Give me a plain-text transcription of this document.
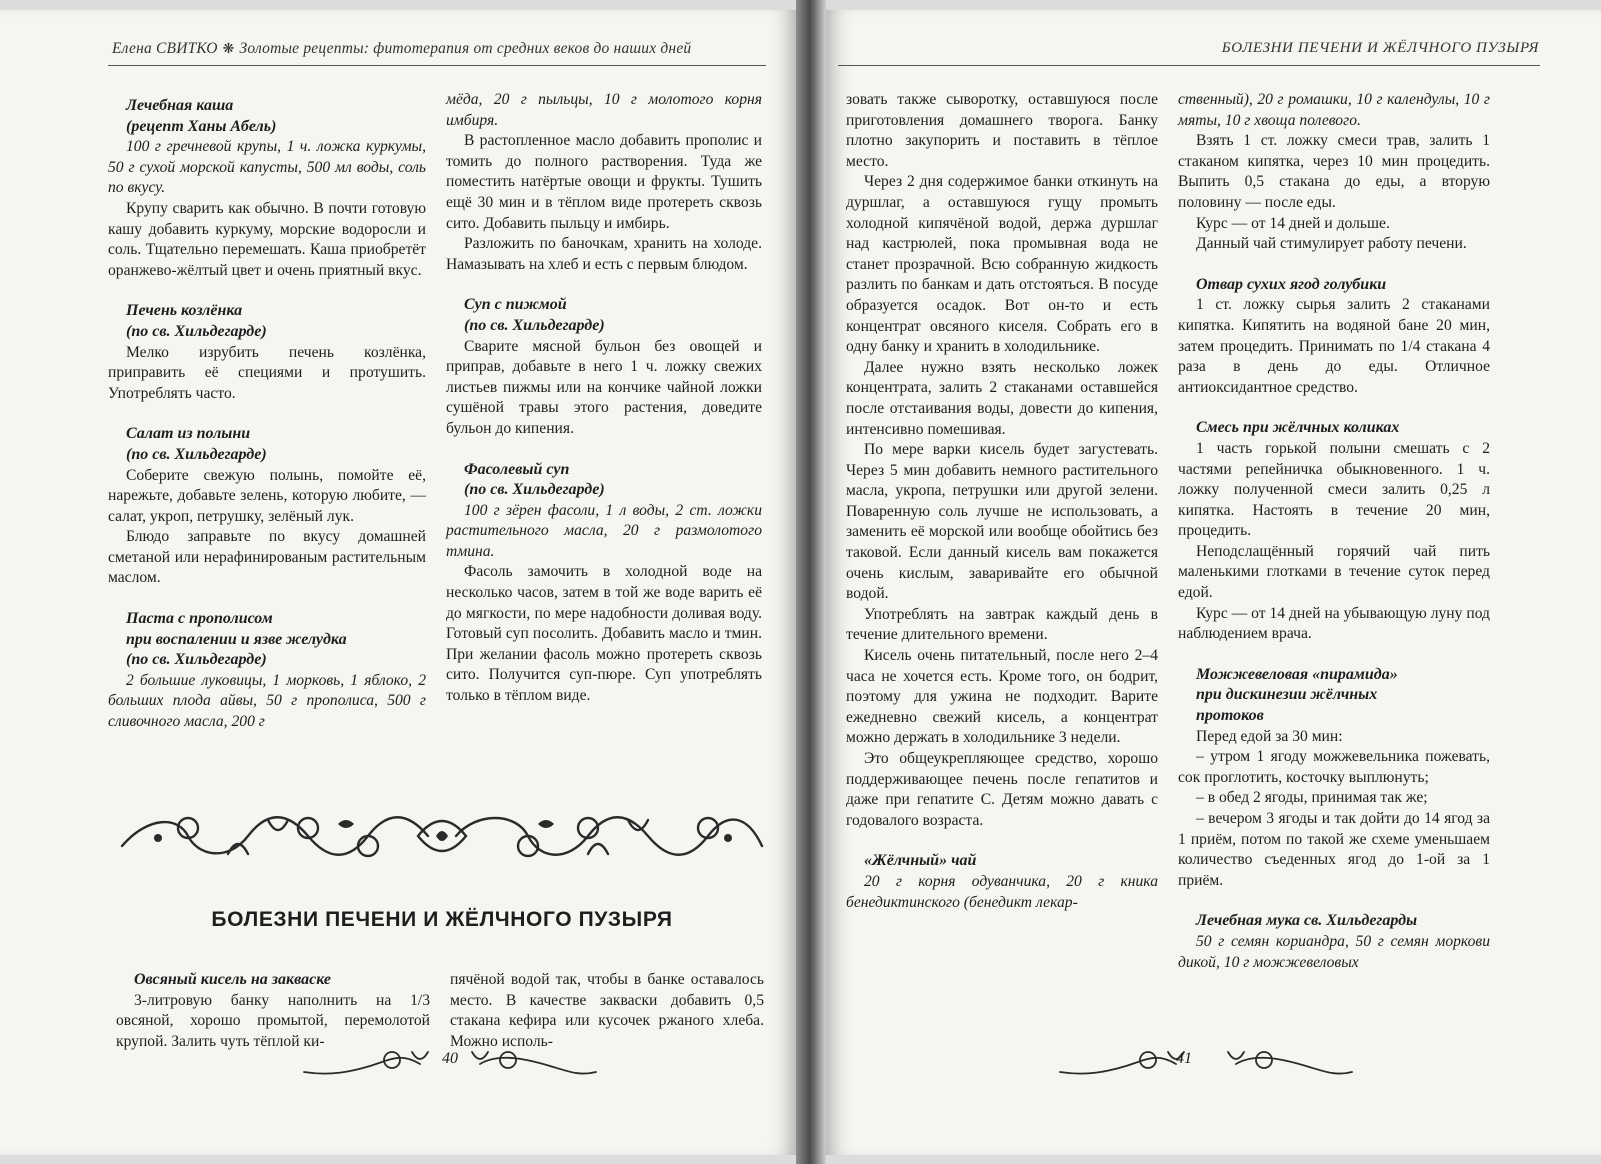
Елена СВИТКО ❋ Золотые рецепты: фитотерапия от средних веков до наших дней
Лечебная каша
(рецепт Ханы Абель)

100 г гречневой крупы, 1 ч. ложка куркумы, 50 г сухой морской капусты, 500 мл воды, соль по вкусу.

Крупу сварить как обычно. В почти готовую кашу добавить куркуму, морские водоросли и соль. Тщательно перемешать. Каша приобретёт оранжево-жёлтый цвет и очень приятный вкус.

Печень козлёнка
(по св. Хильдегарде)

Мелко изрубить печень козлёнка, приправить её специями и протушить. Употреблять часто.

Салат из полыни
(по св. Хильдегарде)

Соберите свежую полынь, помойте её, нарежьте, добавьте зелень, которую любите, — салат, укроп, петрушку, зелёный лук.

Блюдо заправьте по вкусу домашней сметаной или нерафинированым растительным маслом.

Паста с прополисом
при воспалении и язве желудка
(по св. Хильдегарде)

2 большие луковицы, 1 морковь, 1 яблоко, 2 больших плода айвы, 50 г прополиса, 500 г сливочного масла, 200 г

мёда, 20 г пыльцы, 10 г молотого корня имбиря.

В растопленное масло добавить прополис и томить до полного растворения. Туда же поместить натёртые овощи и фрукты. Тушить ещё 30 мин и в тёплом виде протереть сквозь сито. Добавить пыльцу и имбирь.

Разложить по баночкам, хранить на холоде. Намазывать на хлеб и есть с первым блюдом.

Суп с пижмой
(по св. Хильдегарде)

Сварите мясной бульон без овощей и приправ, добавьте в него 1 ч. ложку свежих листьев пижмы или на кончике чайной ложки сушёной травы этого растения, доведите бульон до кипения.

Фасолевый суп
(по св. Хильдегарде)

100 г зёрен фасоли, 1 л воды, 2 ст. ложки растительного масла, 20 г размолотого тмина.

Фасоль замочить в холодной воде на несколько часов, затем в той же воде варить её до мягкости, по мере надобности доливая воду. Готовый суп посолить. Добавить масло и тмин. При желании фасоль можно протереть сквозь сито. Получится суп-пюре. Суп употреблять только в тёплом виде.

БОЛЕЗНИ ПЕЧЕНИ И ЖЁЛЧНОГО ПУЗЫРЯ
Овсяный кисель на закваске

3-литровую банку наполнить на 1/3 овсяной, хорошо промытой, перемолотой крупой. Залить чуть тёплой ки-

пячёной водой так, чтобы в банке оставалось место. В качестве закваски добавить 0,5 стакана кефира или кусочек ржаного хлеба. Можно исполь-

40
БОЛЕЗНИ ПЕЧЕНИ И ЖЁЛЧНОГО ПУЗЫРЯ

зовать также сыворотку, оставшуюся после приготовления домашнего творога. Банку плотно закупорить и поставить в тёплое место.

Через 2 дня содержимое банки откинуть на дуршлаг, а оставшуюся гущу промыть холодной кипячёной водой, держа дуршлаг над кастрюлей, пока промывная вода не станет прозрачной. Всю собранную жидкость разлить по банкам и дать отстояться. В посуде образуется осадок. Вот он-то и есть концентрат овсяного киселя. Собрать его в одну банку и хранить в холодильнике.

Далее нужно взять несколько ложек концентрата, залить 2 стаканами оставшейся после отстаивания воды, довести до кипения, интенсивно помешивая.

По мере варки кисель будет загустевать. Через 5 мин добавить немного растительного масла, укропа, петрушки или другой зелени. Поваренную соль лучше не использовать, а заменить её морской или вообще обойтись без таковой. Если данный кисель вам покажется очень кислым, заваривайте его обычной водой.

Употреблять на завтрак каждый день в течение длительного времени.

Кисель очень питательный, после него 2–4 часа не хочется есть. Кроме того, он бодрит, поэтому для ужина не подходит. Варите ежедневно свежий кисель, а концентрат можно держать в холодильнике 3 недели.

Это общеукрепляющее средство, хорошо поддерживающее печень после гепатитов и даже при гепатите С. Детям можно давать с годовалого возраста.

«Жёлчный» чай

20 г корня одуванчика, 20 г кника бенедиктинского (бенедикт лекар-

ственный), 20 г ромашки, 10 г календулы, 10 г мяты, 10 г хвоща полевого.

Взять 1 ст. ложку смеси трав, залить 1 стаканом кипятка, через 10 мин процедить. Выпить 0,5 стакана до еды, а вторую половину — после еды.

Курс — от 14 дней и дольше.

Данный чай стимулирует работу печени.

Отвар сухих ягод голубики

1 ст. ложку сырья залить 2 стаканами кипятка. Кипятить на водяной бане 20 мин, затем процедить. Принимать по 1/4 стакана 4 раза в день до еды. Отличное антиоксидантное средство.

Смесь при жёлчных коликах

1 часть горькой полыни смешать с 2 частями репейничка обыкновенного. 1 ч. ложку полученной смеси залить 0,25 л кипятка. Настоять в течение 20 мин, процедить.

Неподслащённый горячий чай пить маленькими глотками в течение суток перед едой.

Курс — от 14 дней на убывающую луну под наблюдением врача.

Можжевеловая «пирамида»
при дискинезии жёлчных
протоков

Перед едой за 30 мин:

– утром 1 ягоду можжевельника пожевать, сок проглотить, косточку выплюнуть;

– в обед 2 ягоды, принимая так же;

– вечером 3 ягоды и так дойти до 14 ягод за 1 приём, потом по такой же схеме уменьшаем количество съеденных ягод до 1-ой за 1 приём.

Лечебная мука св. Хильдегарды

50 г семян кориандра, 50 г семян моркови дикой, 10 г можжевеловых

41
